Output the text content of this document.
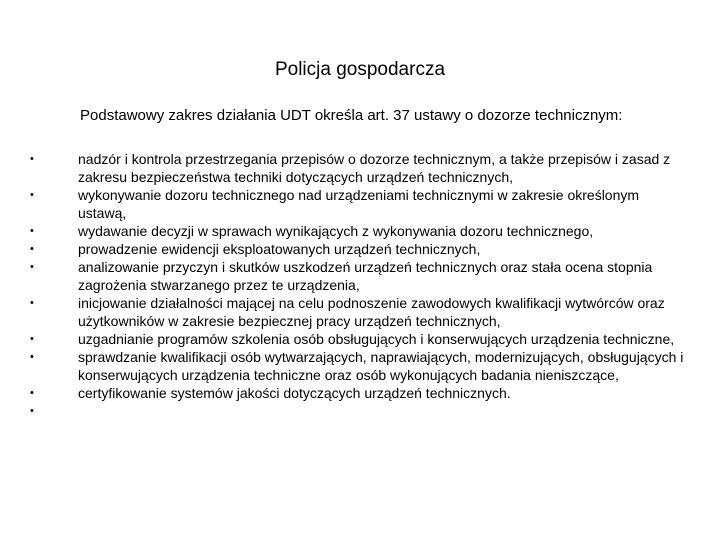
Policja gospodarcza
Podstawowy zakres działania UDT określa art. 37 ustawy o dozorze technicznym:
•	nadzór i kontrola przestrzegania przepisów o dozorze technicznym, a także przepisów i zasad z zakresu bezpieczeństwa techniki dotyczących urządzeń technicznych,
•	wykonywanie dozoru technicznego nad urządzeniami technicznymi w zakresie określonym ustawą,
•	wydawanie decyzji w sprawach wynikających z wykonywania dozoru technicznego,
•	prowadzenie ewidencji eksploatowanych urządzeń technicznych,
•	analizowanie przyczyn i skutków uszkodzeń urządzeń technicznych oraz stała ocena stopnia zagrożenia stwarzanego przez te urządzenia,
•	inicjowanie działalności mającej na celu podnoszenie zawodowych kwalifikacji wytwórców oraz użytkowników w zakresie bezpiecznej pracy urządzeń technicznych,
•	uzgadnianie programów szkolenia osób obsługujących i konserwujących urządzenia techniczne,
•	sprawdzanie kwalifikacji osób wytwarzających, naprawiających, modernizujących, obsługujących i konserwujących urządzenia techniczne oraz osób wykonujących badania nieniszczące,
•	certyfikowanie systemów jakości dotyczących urządzeń technicznych.
•
